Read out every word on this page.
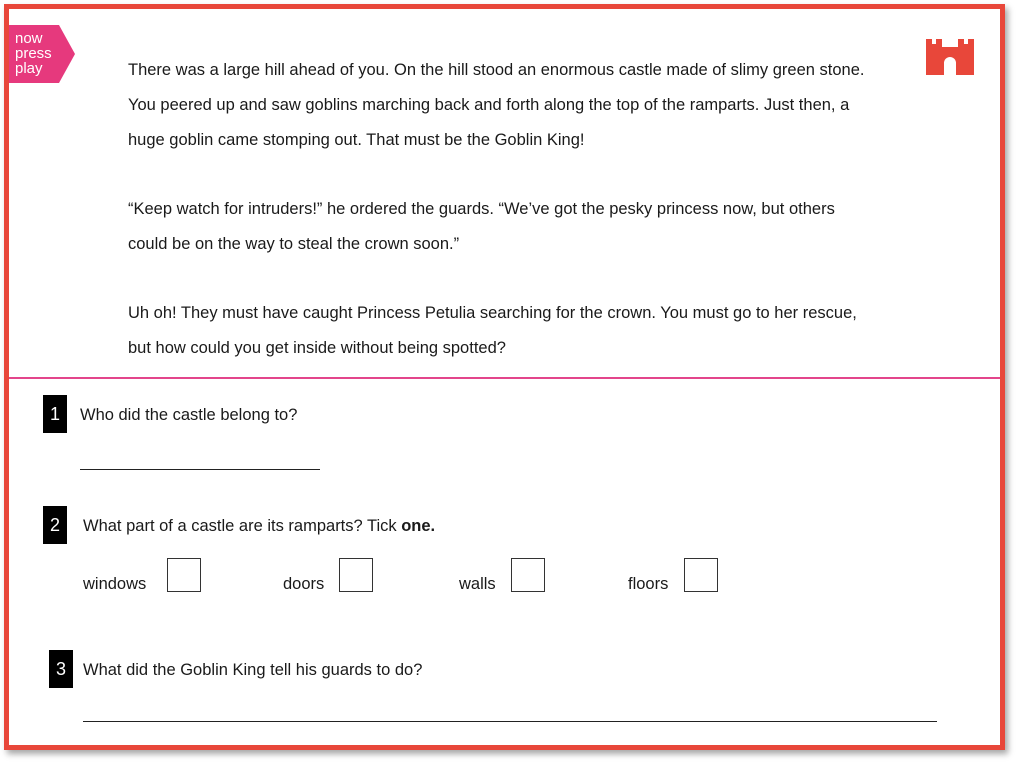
now
press
play	There was a large hill ahead of you. On the hill stood an enormous castle made of slimy green stone. You peered up and saw goblins marching back and forth along the top of the ramparts. Just then, a huge goblin came stomping out. That must be the Goblin King!

“Keep watch for intruders!” he ordered the guards. “We’ve got the pesky princess now, but others could be on the way to steal the crown soon.”

Uh oh! They must have caught Princess Petulia searching for the crown. You must go to her rescue, but how could you get inside without being spotted?

1	Who did the castle belong to?
2	What part of a castle are its ramparts? Tick one.
windows	doors	walls	floors
3	What did the Goblin King tell his guards to do?
